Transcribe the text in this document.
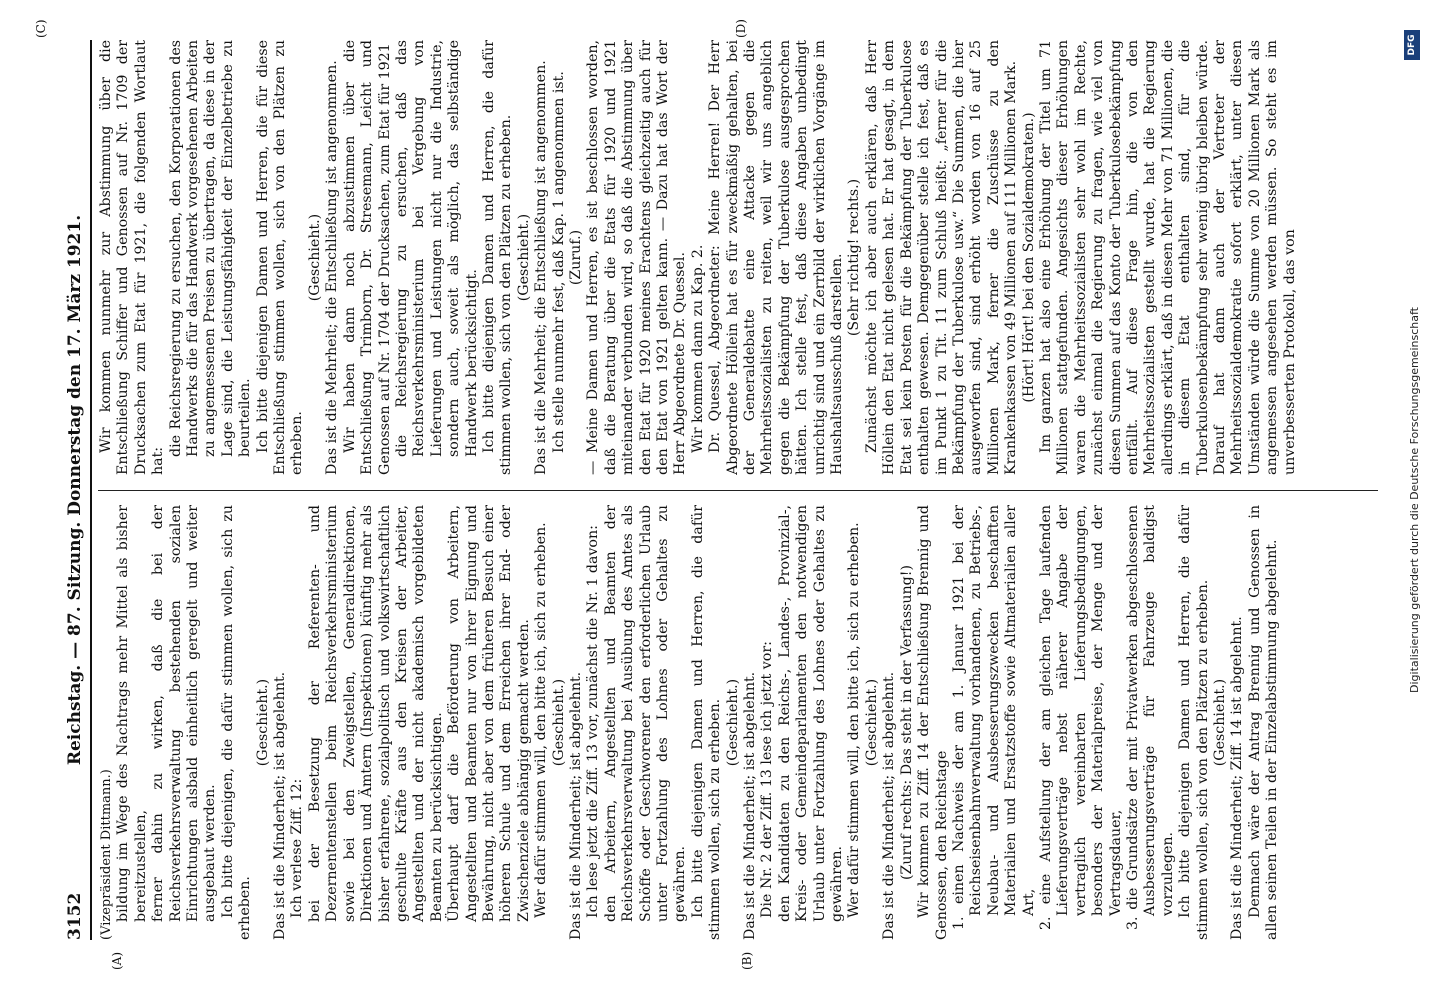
3152
Reichstag. — 87. Sitzung. Donnerstag den 17. März 1921.
(A)	(B)
(C)	(D)

(Vizepräsident Dittmann.) bildung im Wege des Nachtrags mehr Mittel als bisher bereitzustellen, ferner dahin zu wirken, daß die bei der Reichsverkehrsverwaltung bestehenden sozialen Einrichtungen alsbald einheitlich geregelt und weiter ausgebaut werden. Ich bitte diejenigen, die dafür stimmen wollen, sich zu erheben.

(Geschieht.) Das ist die Minderheit; ist abgelehnt. Ich verlese Ziff. 12: bei der Besetzung der Referenten- und Dezernentenstellen beim Reichsverkehrsministerium sowie bei den Zweigstellen, Generaldirektionen, Direktionen und Ämtern (Inspektionen) künftig mehr als bisher erfahrene, sozialpolitisch und volkswirtschaftlich geschulte Kräfte aus den Kreisen der Arbeiter, Angestellten und der nicht akademisch vorgebildeten Beamten zu berücksichtigen. Überhaupt darf die Beförderung von Arbeitern, Angestellten und Beamten nur von ihrer Eignung und Bewährung, nicht aber von dem früheren Besuch einer höheren Schule und dem Erreichen ihrer End- oder Zwischenziele abhängig gemacht werden. Wer dafür stimmen will, den bitte ich, sich zu erheben. (Geschieht.) Das ist die Minderheit; ist abgelehnt. Ich lese jetzt die Ziff. 13 vor, zunächst die Nr. 1 davon: den Arbeitern, Angestellten und Beamten der Reichsverkehrsverwaltung bei Ausübung des Amtes als Schöffe oder Geschworener den erforderlichen Urlaub unter Fortzahlung des Lohnes oder Gehaltes zu gewähren. Ich bitte diejenigen Damen und Herren, die dafür stimmen wollen, sich zu erheben. (Geschieht.) Das ist die Minderheit; ist abgelehnt. Die Nr. 2 der Ziff. 13 lese ich jetzt vor: den Kandidaten zu den Reichs-, Landes-, Provinzial-, Kreis- oder Gemeindeparlamenten den notwendigen Urlaub unter Fortzahlung des Lohnes oder Gehaltes zu gewähren. Wer dafür stimmen will, den bitte ich, sich zu erheben. (Geschieht.) Das ist die Minderheit; ist abgelehnt. (Zuruf rechts: Das steht in der Verfassung!) Wir kommen zu Ziff. 14 der Entschließung Brennig und Genossen, den Reichstage 1. einen Nachweis der am 1. Januar 1921 bei der Reichseisenbahnverwaltung vorhandenen, zu Betriebs-, Neubau- und Ausbesserungszwecken beschafften Materialien und Ersatzstoffe sowie Altmaterialien aller Art, 2. eine Aufstellung der am gleichen Tage laufenden Lieferungsverträge nebst näherer Angabe der vertraglich vereinbarten Lieferungsbedingungen, besonders der Materialpreise, der Menge und der Vertragsdauer, 3. die Grundsätze der mit Privatwerken abgeschlossenen Ausbesserungsverträge für Fahrzeuge baldigst vorzulegen. Ich bitte diejenigen Damen und Herren, die dafür stimmen wollen, sich von den Plätzen zu erheben. (Geschieht.) Das ist die Minderheit; Ziff. 14 ist abgelehnt. Demnach wäre der Antrag Brennig und Genossen in allen seinen Teilen in der Einzelabstimmung abgelehnt.

Wir kommen nunmehr zur Abstimmung über die Entschließung Schiffer und Genossen auf Nr. 1709 der Drucksachen zum Etat für 1921, die folgenden Wortlaut hat:

die Reichsregierung zu ersuchen, den Korporationen des Handwerks die für das Handwerk vorgesehenen Arbeiten zu angemessenen Preisen zu übertragen, da diese in der Lage sind, die Leistungsfähigkeit der Einzelbetriebe zu beurteilen. Ich bitte diejenigen Damen und Herren, die für diese Entschließung stimmen wollen, sich von den Plätzen zu erheben.

(Geschieht.) Das ist die Mehrheit; die Entschließung ist angenommen. Wir haben dann noch abzustimmen über die Entschließung Trimborn, Dr. Stresemann, Leicht und Genossen auf Nr. 1704 der Drucksachen, zum Etat für 1921 die Reichsregierung zu ersuchen, daß das Reichsverkehrsministerium bei Vergebung von Lieferungen und Leistungen nicht nur die Industrie, sondern auch, soweit als möglich, das selbständige Handwerk berücksichtigt. Ich bitte diejenigen Damen und Herren, die dafür stimmen wollen, sich von den Plätzen zu erheben. (Geschieht.) Das ist die Mehrheit; die Entschließung ist angenommen. Ich stelle nunmehr fest, daß Kap. 1 angenommen ist. (Zuruf.) — Meine Damen und Herren, es ist beschlossen worden, daß die Beratung über die Etats für 1920 und 1921 miteinander verbunden wird, so daß die Abstimmung über den Etat für 1920 meines Erachtens gleichzeitig auch für den Etat von 1921 gelten kann. — Dazu hat das Wort der Herr Abgeordnete Dr. Quessel. Wir kommen dann zu Kap. 2. Dr. Quessel, Abgeordneter: Meine Herren! Der Herr Abgeordnete Höllein hat es für zweckmäßig gehalten, bei der Generaldebatte eine Attacke gegen die Mehrheitssozialisten zu reiten, weil wir uns angeblich gegen die Bekämpfung der Tuberkulose ausgesprochen hätten. Ich stelle fest, daß diese Angaben unbedingt unrichtig sind und ein Zerrbild der wirklichen Vorgänge im Haushaltsausschuß darstellen. (Sehr richtig! rechts.) Zunächst möchte ich aber auch erklären, daß Herr Höllein den Etat nicht gelesen hat. Er hat gesagt, in dem Etat sei kein Posten für die Bekämpfung der Tuberkulose enthalten gewesen. Demgegenüber stelle ich fest, daß es im Punkt 1 zu Tit. 11 zum Schluß heißt: „ferner für die Bekämpfung der Tuberkulose usw.“ Die Summen, die hier ausgeworfen sind, sind erhöht worden von 16 auf 25 Millionen Mark, ferner die Zuschüsse zu den Krankenkassen von 49 Millionen auf 111 Millionen Mark. (Hört! Hört! bei den Sozialdemokraten.) Im ganzen hat also eine Erhöhung der Titel um 71 Millionen stattgefunden. Angesichts dieser Erhöhungen waren die Mehrheitssozialisten sehr wohl im Rechte, zunächst einmal die Regierung zu fragen, wie viel von diesen Summen auf das Konto der Tuberkulosebekämpfung entfällt. Auf diese Frage hin, die von den Mehrheitssozialisten gestellt wurde, hat die Regierung allerdings erklärt, daß in diesen Mehr von 71 Millionen, die in diesem Etat enthalten sind, für die Tuberkulosenbekämpfung sehr wenig übrig bleiben würde. Darauf hat dann auch der Vertreter der Mehrheitssozialdemokratie sofort erklärt, unter diesen Umständen würde die Summe von 20 Millionen Mark als angemessen angesehen werden müssen. So steht es im unverbesserten Protokoll, das von	Digitalisierung gefördert durch die Deutsche Forschungsgemeinschaft
DFG
